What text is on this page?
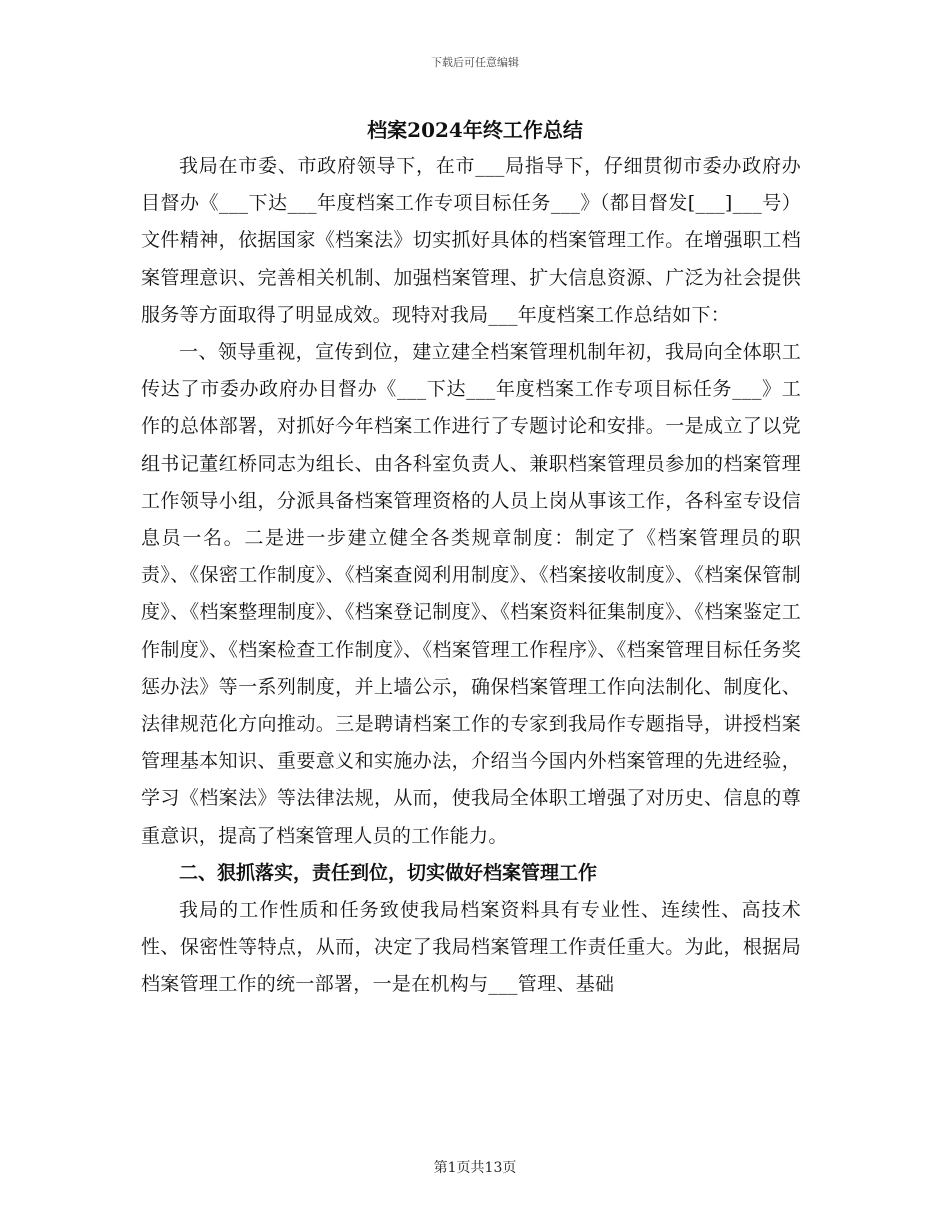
下载后可任意编辑
档案2024年终工作总结

我局在市委、市政府领导下，在市___局指导下，仔细贯彻市委办政府办目督办《___下达___年度档案工作专项目标任务___》（都目督发[___]___号）文件精神，依据国家《档案法》切实抓好具体的档案管理工作。在增强职工档案管理意识、完善相关机制、加强档案管理、扩大信息资源、广泛为社会提供服务等方面取得了明显成效。现特对我局___年度档案工作总结如下：

一、领导重视，宣传到位，建立建全档案管理机制年初，我局向全体职工传达了市委办政府办目督办《___下达___年度档案工作专项目标任务___》工作的总体部署，对抓好今年档案工作进行了专题讨论和安排。一是成立了以党组书记董红桥同志为组长、由各科室负责人、兼职档案管理员参加的档案管理工作领导小组，分派具备档案管理资格的人员上岗从事该工作，各科室专设信息员一名。二是进一步建立健全各类规章制度：制定了《档案管理员的职责》、《保密工作制度》、《档案查阅利用制度》、《档案接收制度》、《档案保管制度》、《档案整理制度》、《档案登记制度》、《档案资料征集制度》、《档案鉴定工作制度》、《档案检查工作制度》、《档案管理工作程序》、《档案管理目标任务奖惩办法》等一系列制度，并上墙公示，确保档案管理工作向法制化、制度化、法律规范化方向推动。三是聘请档案工作的专家到我局作专题指导，讲授档案管理基本知识、重要意义和实施办法，介绍当今国内外档案管理的先进经验，学习《档案法》等法律法规，从而，使我局全体职工增强了对历史、信息的尊重意识，提高了档案管理人员的工作能力。

二、狠抓落实，责任到位，切实做好档案管理工作

我局的工作性质和任务致使我局档案资料具有专业性、连续性、高技术性、保密性等特点，从而，决定了我局档案管理工作责任重大。为此，根据局档案管理工作的统一部署，一是在机构与___管理、基础

第1页共13页
